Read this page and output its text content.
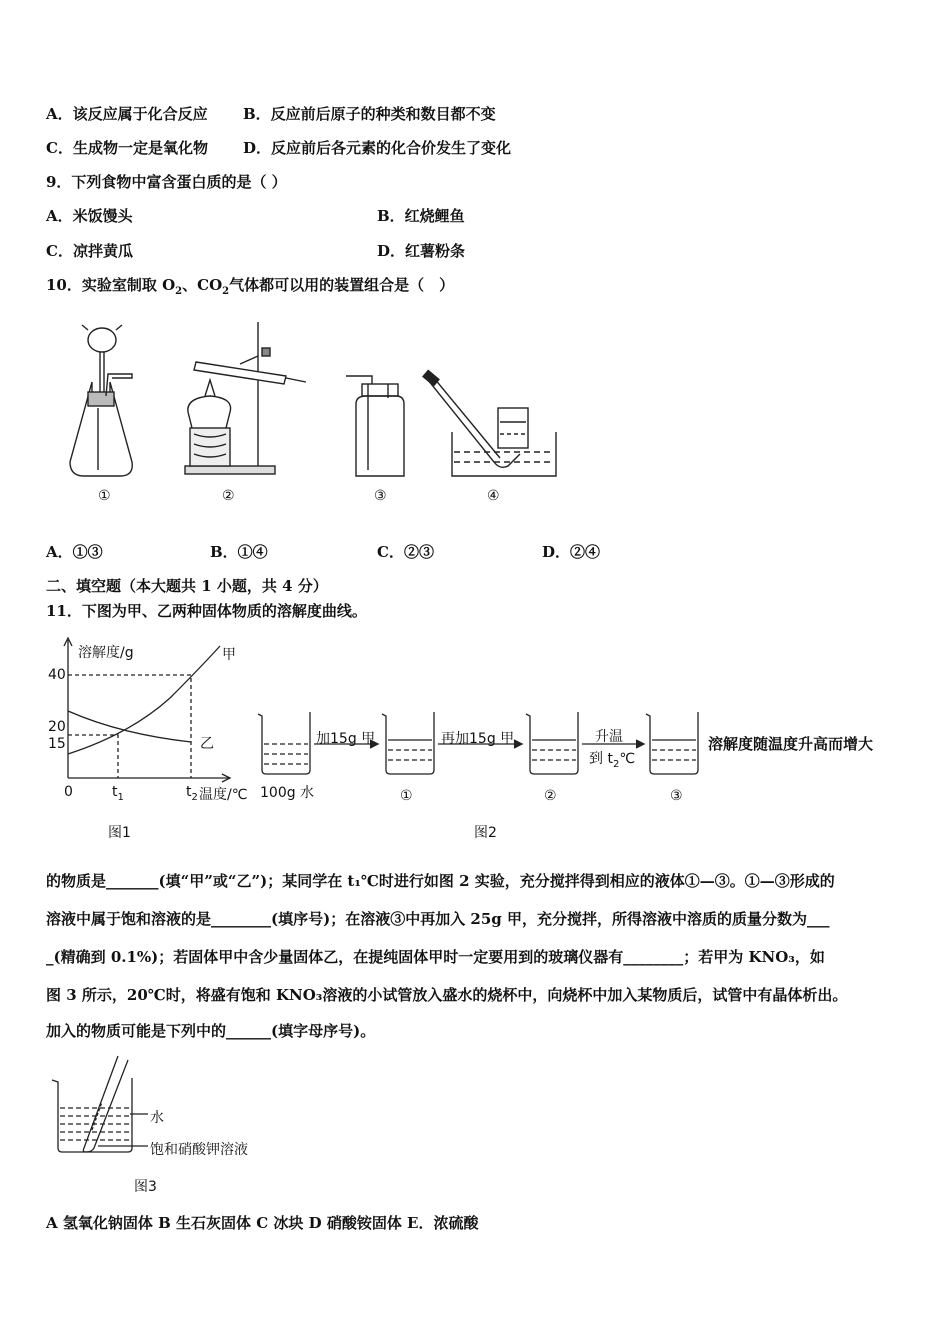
A．该反应属于化合反应 B．反应前后原子的种类和数目都不变
C．生成物一定是氧化物 D．反应前后各元素的化合价发生了变化
9．下列食物中富含蛋白质的是（ ）
A．米饭馒头	B．红烧鲤鱼
C．凉拌黄瓜	D．红薯粉条
10．实验室制取 $O_2$、$CO_2$气体都可以用的装置组合是（　）
①	②	③	④
A．①③	B．①④	C．②③	D．②④
二、填空题（本大题共 1 小题，共 4 分）
11．下图为甲、乙两种固体物质的溶解度曲线。
溶解度/g
40
20
15
0	$t_1$	$t_2$ 温度/℃
甲
乙
图1
加15g 甲	再加15g 甲	升温
到 $t_2℃$
100g 水	①	②	③
溶解度随温度升高而增大
图2
的物质是_______(填“甲”或“乙”)；某同学在 t₁℃时进行如图 2 实验，充分搅拌得到相应的液体①—③。①—③形成的
溶液中属于饱和溶液的是________(填序号)；在溶液③中再加入 25g 甲，充分搅拌，所得溶液中溶质的质量分数为___
_(精确到 0.1%)；若固体甲中含少量固体乙，在提纯固体甲时一定要用到的玻璃仪器有________；若甲为 KNO₃，如
图 3 所示，20℃时，将盛有饱和 KNO₃溶液的小试管放入盛水的烧杯中，向烧杯中加入某物质后，试管中有晶体析出。
加入的物质可能是下列中的______(填字母序号)。
水
饱和硝酸钾溶液
图3
A 氢氧化钠固体 B 生石灰固体 C 冰块 D 硝酸铵固体 E．浓硫酸
